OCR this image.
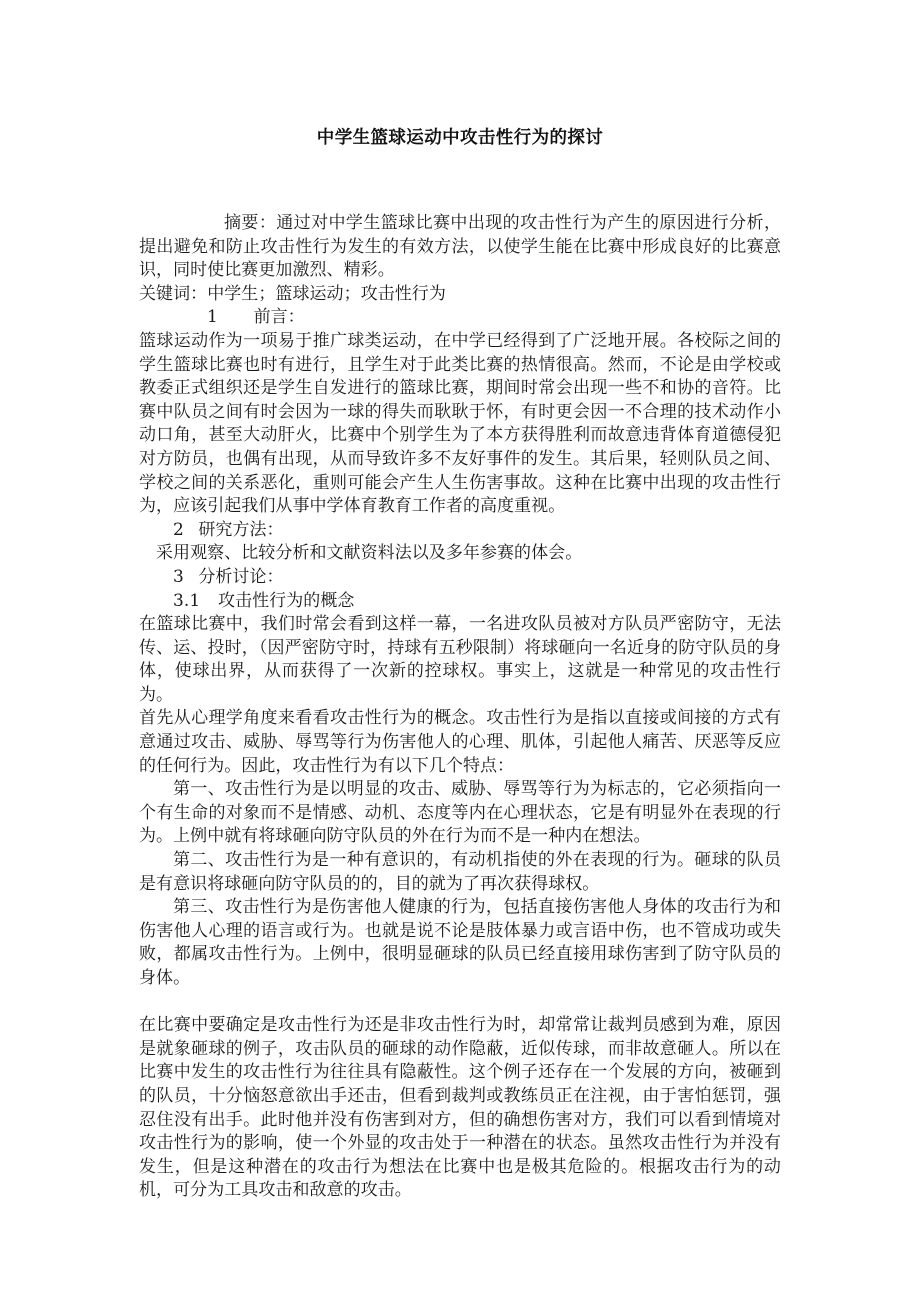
中学生篮球运动中攻击性行为的探讨

摘要：通过对中学生篮球比赛中出现的攻击性行为产生的原因进行分析，提出避免和防止攻击性行为发生的有效方法，以使学生能在比赛中形成良好的比赛意识，同时使比赛更加激烈、精彩。

关键词：中学生；篮球运动；攻击性行为

1 前言：

篮球运动作为一项易于推广球类运动，在中学已经得到了广泛地开展。各校际之间的学生篮球比赛也时有进行，且学生对于此类比赛的热情很高。然而，不论是由学校或教委正式组织还是学生自发进行的篮球比赛，期间时常会出现一些不和协的音符。比赛中队员之间有时会因为一球的得失而耿耿于怀，有时更会因一不合理的技术动作小动口角，甚至大动肝火，比赛中个别学生为了本方获得胜利而故意违背体育道德侵犯对方防员，也偶有出现，从而导致许多不友好事件的发生。其后果，轻则队员之间、学校之间的关系恶化，重则可能会产生人生伤害事故。这种在比赛中出现的攻击性行为，应该引起我们从事中学体育教育工作者的高度重视。

2 研究方法：

采用观察、比较分析和文献资料法以及多年参赛的体会。

3 分析讨论：

3.1 攻击性行为的概念

在篮球比赛中，我们时常会看到这样一幕，一名进攻队员被对方队员严密防守，无法传、运、投时，（因严密防守时，持球有五秒限制）将球砸向一名近身的防守队员的身体，使球出界，从而获得了一次新的控球权。事实上，这就是一种常见的攻击性行为。

首先从心理学角度来看看攻击性行为的概念。攻击性行为是指以直接或间接的方式有意通过攻击、威胁、辱骂等行为伤害他人的心理、肌体，引起他人痛苦、厌恶等反应的任何行为。因此，攻击性行为有以下几个特点：

第一、攻击性行为是以明显的攻击、威胁、辱骂等行为为标志的，它必须指向一个有生命的对象而不是情感、动机、态度等内在心理状态，它是有明显外在表现的行为。上例中就有将球砸向防守队员的外在行为而不是一种内在想法。

第二、攻击性行为是一种有意识的，有动机指使的外在表现的行为。砸球的队员是有意识将球砸向防守队员的的，目的就为了再次获得球权。

第三、攻击性行为是伤害他人健康的行为，包括直接伤害他人身体的攻击行为和伤害他人心理的语言或行为。也就是说不论是肢体暴力或言语中伤，也不管成功或失败，都属攻击性行为。上例中，很明显砸球的队员已经直接用球伤害到了防守队员的身体。

在比赛中要确定是攻击性行为还是非攻击性行为时，却常常让裁判员感到为难，原因是就象砸球的例子，攻击队员的砸球的动作隐蔽，近似传球，而非故意砸人。所以在比赛中发生的攻击性行为往往具有隐蔽性。这个例子还存在一个发展的方向，被砸到的队员，十分恼怒意欲出手还击，但看到裁判或教练员正在注视，由于害怕惩罚，强忍住没有出手。此时他并没有伤害到对方，但的确想伤害对方，我们可以看到情境对攻击性行为的影响，使一个外显的攻击处于一种潜在的状态。虽然攻击性行为并没有发生，但是这种潜在的攻击行为想法在比赛中也是极其危险的。根据攻击行为的动机，可分为工具攻击和敌意的攻击。
